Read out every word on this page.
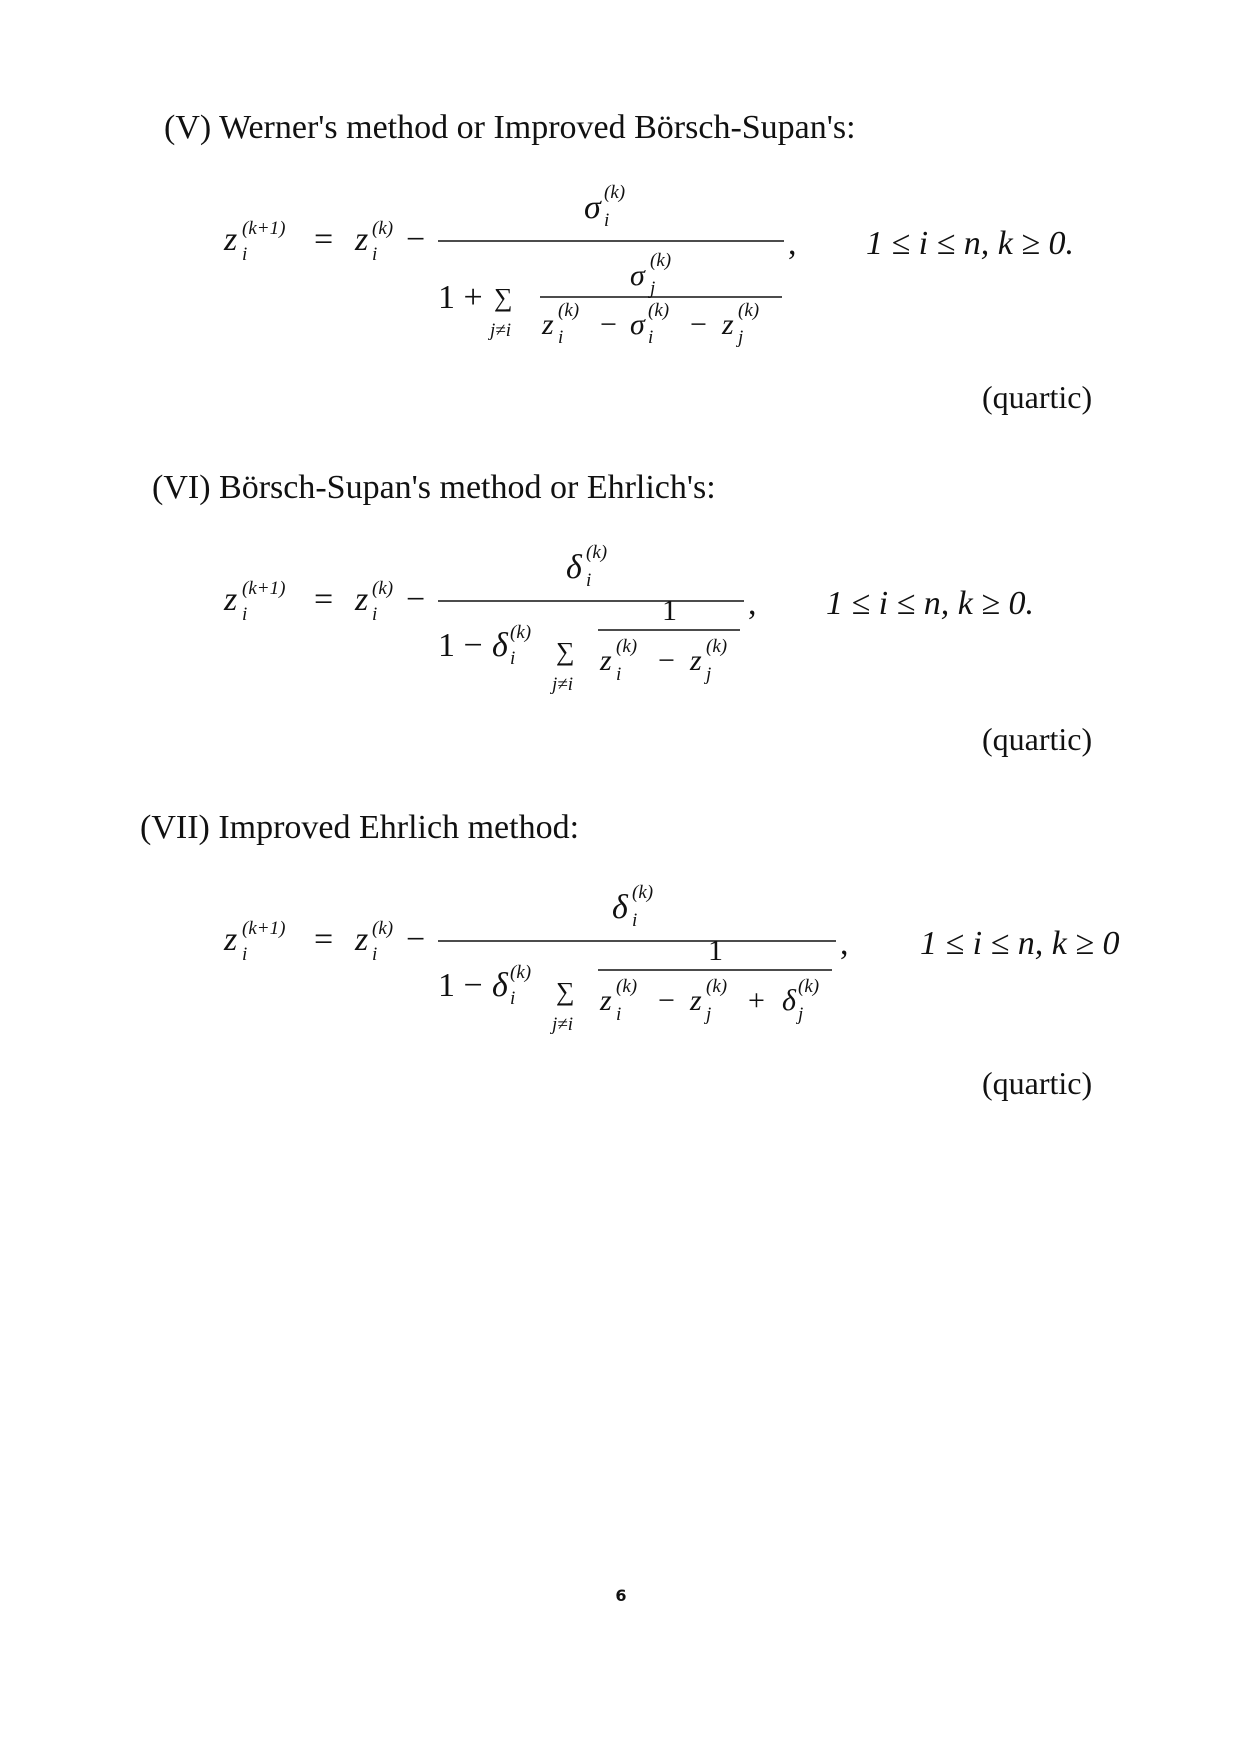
(V) Werner's method or Improved Börsch-Supan's:
z (k+1)
i = z (k)
i −	,
σ (k)
i
1 + ∑
j≠i
σ (k)
j
z (k)
i − σ (k)
i − z (k)
j
1 ≤ i ≤ n, k ≥ 0.
(quartic)
(VI) Börsch-Supan's method or Ehrlich's:
z (k+1)
i = z (k)
i −	,
δ (k)
i
1 − δ (k)
i ∑
j≠i
1
z (k)
i − z (k)
j
1 ≤ i ≤ n, k ≥ 0.
(quartic)
(VII) Improved Ehrlich method:
z (k+1)
i = z (k)
i −	,
δ (k)
i
1 − δ (k)
i ∑
j≠i
1
z (k)
i − z (k)
j + δ (k)
j
1 ≤ i ≤ n, k ≥ 0
(quartic)
6
